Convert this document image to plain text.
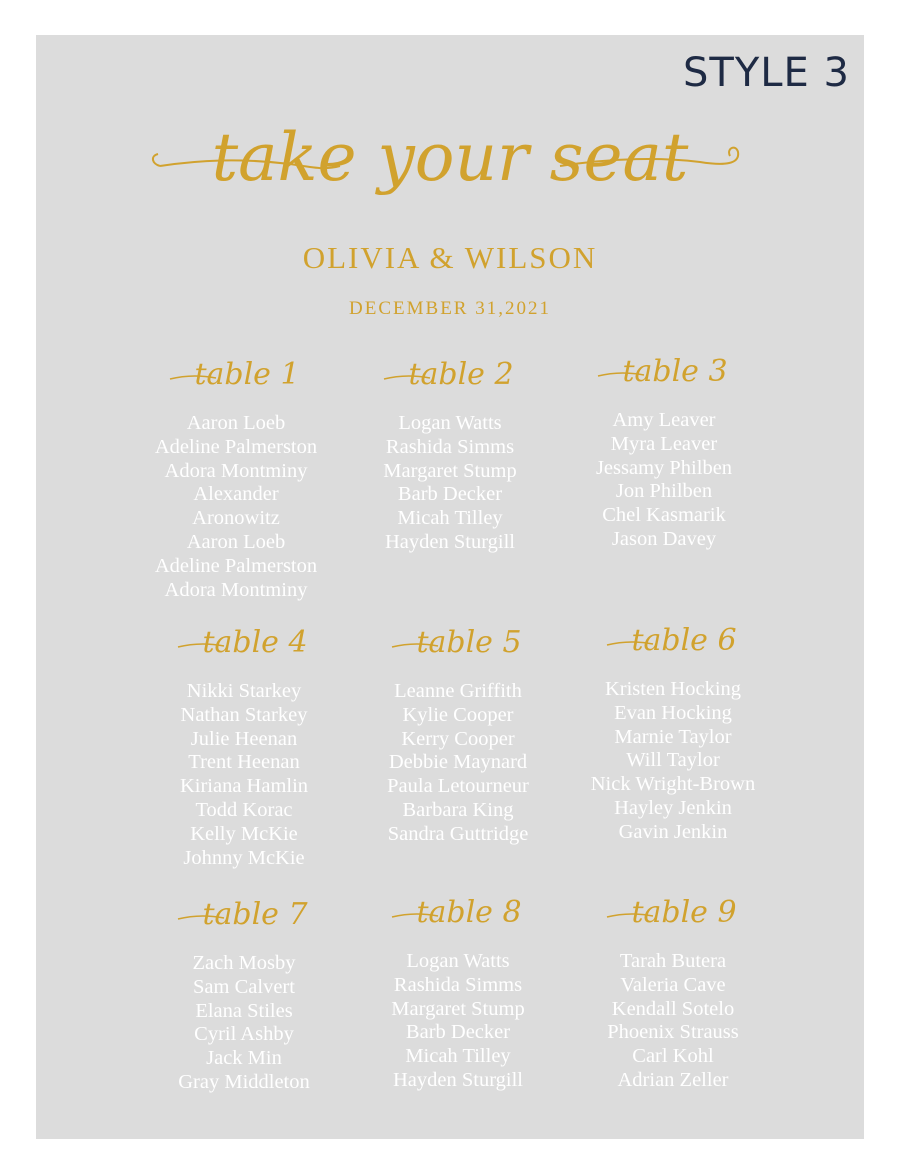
STYLE 3
take your seat
OLIVIA & WILSON
DECEMBER 31,2021
table 1
Aaron Loeb
Adeline Palmerston
Adora Montminy
Alexander
Aronowitz
Aaron Loeb
Adeline Palmerston
Adora Montminy
table 2
Logan Watts
Rashida Simms
Margaret Stump
Barb Decker
Micah Tilley
Hayden Sturgill
table 3
Amy Leaver
Myra Leaver
Jessamy Philben
Jon Philben
Chel Kasmarik
Jason Davey
table 4
Nikki Starkey
Nathan Starkey
Julie Heenan
Trent Heenan
Kiriana Hamlin
Todd Korac
Kelly McKie
Johnny McKie
table 5
Leanne Griffith
Kylie Cooper
Kerry Cooper
Debbie Maynard
Paula Letourneur
Barbara King
Sandra Guttridge
table 6
Kristen Hocking
Evan Hocking
Marnie Taylor
Will Taylor
Nick Wright-Brown
Hayley Jenkin
Gavin Jenkin
table 7
Zach Mosby
Sam Calvert
Elana Stiles
Cyril Ashby
Jack Min
Gray Middleton
table 8
Logan Watts
Rashida Simms
Margaret Stump
Barb Decker
Micah Tilley
Hayden Sturgill
table 9
Tarah Butera
Valeria Cave
Kendall Sotelo
Phoenix Strauss
Carl Kohl
Adrian Zeller
